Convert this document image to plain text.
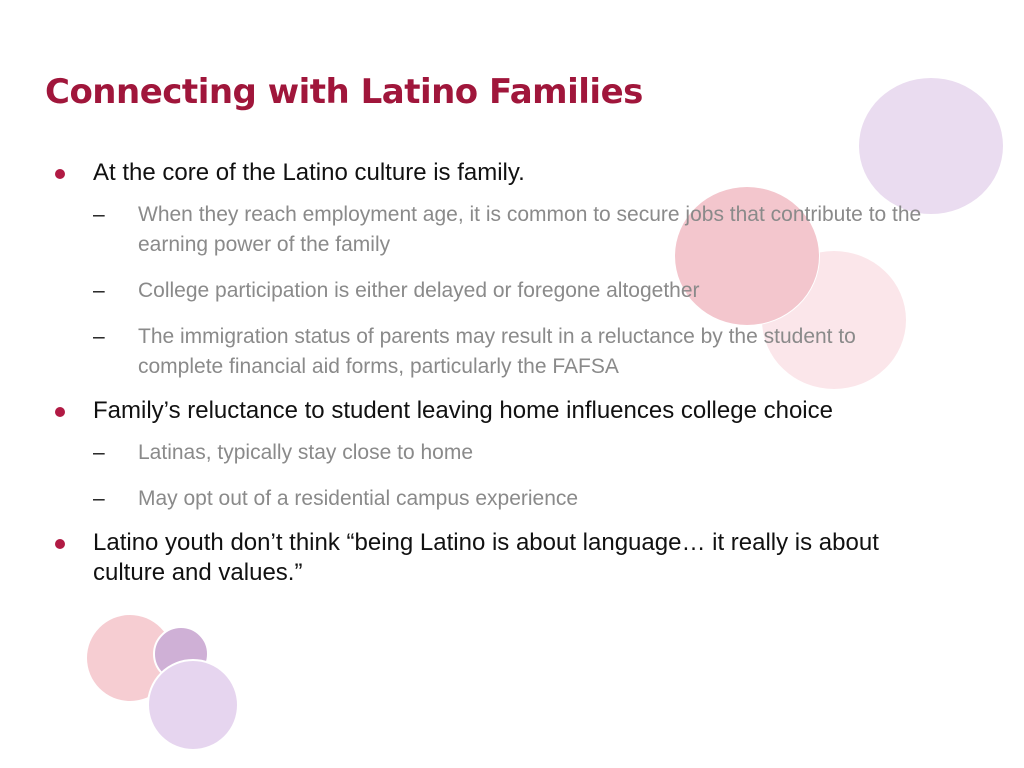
Connecting with Latino Families
At the core of the Latino culture is family.
– When they reach employment age, it is common to secure jobs that contribute to the earning power of the family
– College participation is either delayed or foregone altogether
– The immigration status of parents may result in a reluctance by the student to complete financial aid forms, particularly the FAFSA
Family’s reluctance to student leaving home influences college choice
– Latinas, typically stay close to home
– May opt out of a residential campus experience
Latino youth don’t think “being Latino is about language… it really is about culture and values.”
